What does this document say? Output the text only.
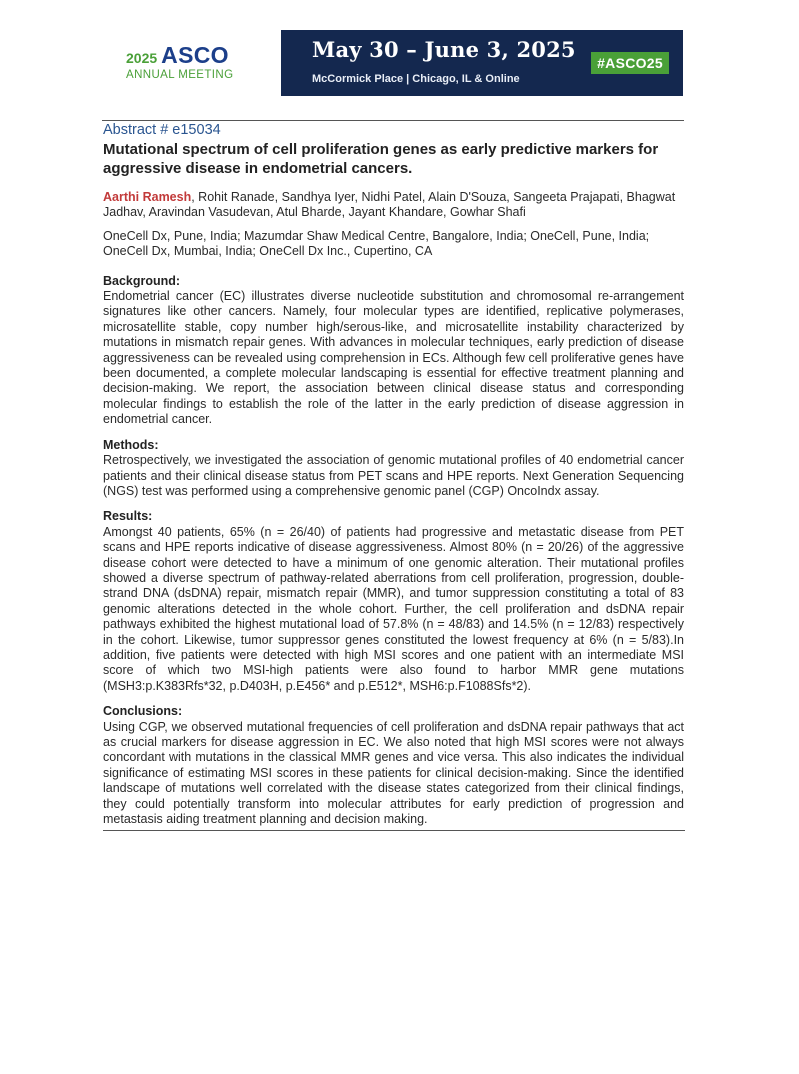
2025 ASCO
ANNUAL MEETING
May 30 – June 3, 2025
McCormick Place | Chicago, IL & Online
#ASCO25
Abstract # e15034
Mutational spectrum of cell proliferation genes as early predictive markers for aggressive disease in endometrial cancers.
Aarthi Ramesh, Rohit Ranade, Sandhya Iyer, Nidhi Patel, Alain D'Souza, Sangeeta Prajapati, Bhagwat Jadhav, Aravindan Vasudevan, Atul Bharde, Jayant Khandare, Gowhar Shafi
OneCell Dx, Pune, India; Mazumdar Shaw Medical Centre, Bangalore, India; OneCell, Pune, India; OneCell Dx, Mumbai, India; OneCell Dx Inc., Cupertino, CA
Background:

Endometrial cancer (EC) illustrates diverse nucleotide substitution and chromosomal re-arrangement signatures like other cancers. Namely, four molecular types are identified, replicative polymerases, microsatellite stable, copy number high/serous-like, and microsatellite instability characterized by mutations in mismatch repair genes. With advances in molecular techniques, early prediction of disease aggressiveness can be revealed using comprehension in ECs. Although few cell proliferative genes have been documented, a complete molecular landscaping is essential for effective treatment planning and decision-making. We report, the association between clinical disease status and corresponding molecular findings to establish the role of the latter in the early prediction of disease aggression in endometrial cancer.

Methods:

Retrospectively, we investigated the association of genomic mutational profiles of 40 endometrial cancer patients and their clinical disease status from PET scans and HPE reports. Next Generation Sequencing (NGS) test was performed using a comprehensive genomic panel (CGP) OncoIndx assay.

Results:

Amongst 40 patients, 65% (n = 26/40) of patients had progressive and metastatic disease from PET scans and HPE reports indicative of disease aggressiveness. Almost 80% (n = 20/26) of the aggressive disease cohort were detected to have a minimum of one genomic alteration. Their mutational profiles showed a diverse spectrum of pathway-related aberrations from cell proliferation, progression, double-strand DNA (dsDNA) repair, mismatch repair (MMR), and tumor suppression constituting a total of 83 genomic alterations detected in the whole cohort. Further, the cell proliferation and dsDNA repair pathways exhibited the highest mutational load of 57.8% (n = 48/83) and 14.5% (n = 12/83) respectively in the cohort. Likewise, tumor suppressor genes constituted the lowest frequency at 6% (n = 5/83).In addition, five patients were detected with high MSI scores and one patient with an intermediate MSI score of which two MSI-high patients were also found to harbor MMR gene mutations (MSH3:p.K383Rfs*32, p.D403H, p.E456* and p.E512*, MSH6:p.F1088Sfs*2).

Conclusions:

Using CGP, we observed mutational frequencies of cell proliferation and dsDNA repair pathways that act as crucial markers for disease aggression in EC. We also noted that high MSI scores were not always concordant with mutations in the classical MMR genes and vice versa. This also indicates the individual significance of estimating MSI scores in these patients for clinical decision-making. Since the identified landscape of mutations well correlated with the disease states categorized from their clinical findings, they could potentially transform into molecular attributes for early prediction of progression and metastasis aiding treatment planning and decision making.
